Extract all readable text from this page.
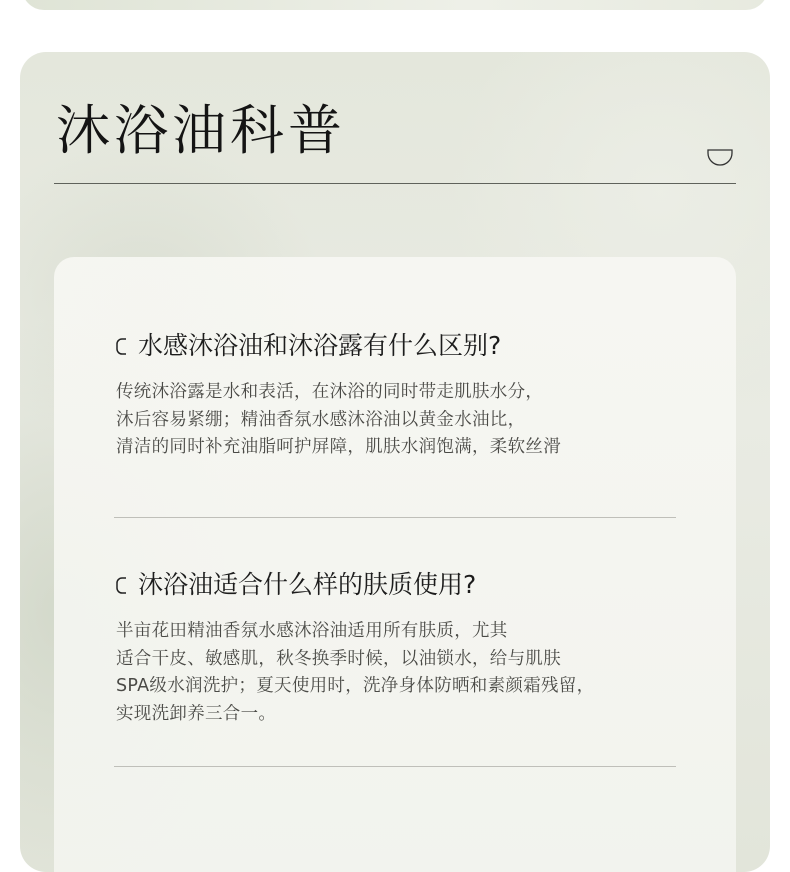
沐浴油科普
水感沐浴油和沐浴露有什么区别?
传统沐浴露是水和表活，在沐浴的同时带走肌肤水分，
沐后容易紧绷；精油香氛水感沐浴油以黄金水油比，
清洁的同时补充油脂呵护屏障，肌肤水润饱满，柔软丝滑
沐浴油适合什么样的肤质使用?
半亩花田精油香氛水感沐浴油适用所有肤质，尤其
适合干皮、敏感肌，秋冬换季时候，以油锁水，给与肌肤
SPA级水润洗护；夏天使用时，洗净身体防晒和素颜霜残留，
实现洗卸养三合一。
